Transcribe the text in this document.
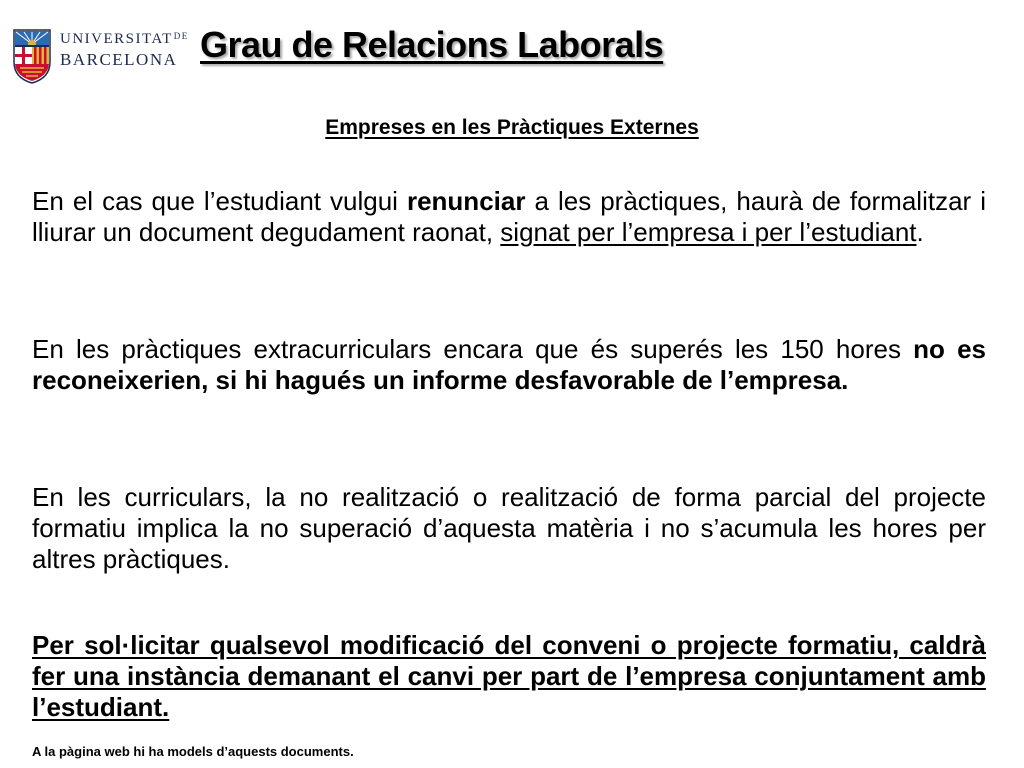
$UNIVERSITAT^{DE}$
BARCELONA Grau de Relacions Laborals
Empreses en les Pràctiques Externes

En el cas que l’estudiant vulgui renunciar a les pràctiques, haurà de formalitzar i lliurar un document degudament raonat, signat per l’empresa i per l’estudiant.

En les pràctiques extracurriculars encara que és superés les 150 hores no es reconeixerien, si hi hagués un informe desfavorable de l’empresa.

En les curriculars, la no realització o realització de forma parcial del projecte formatiu implica la no superació d’aquesta matèria i no s’acumula les hores per altres pràctiques.

Per sol·licitar qualsevol modificació del conveni o projecte formatiu, caldrà fer una instància demanant el canvi per part de l’empresa conjuntament amb l’estudiant.

A la pàgina web hi ha models d’aquests documents.
